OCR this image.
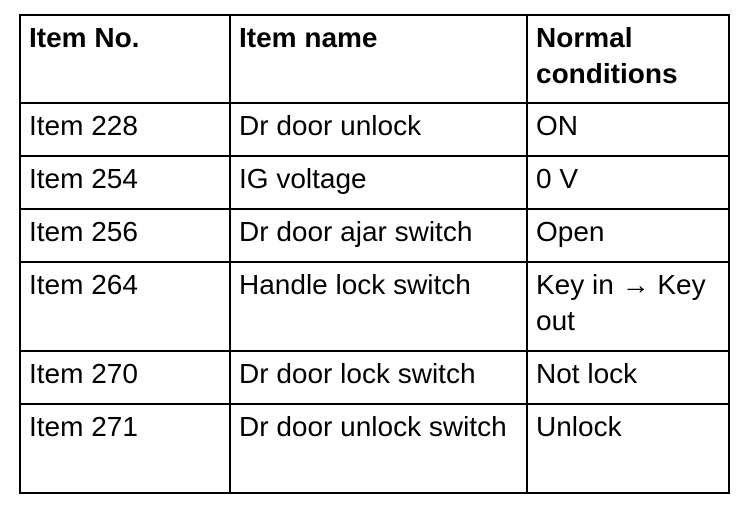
Item No.	Item name	Normal conditions
Item 228	Dr door unlock	ON
Item 254	IG voltage	0 V
Item 256	Dr door ajar switch	Open
Item 264	Handle lock switch	Key in → Key out
Item 270	Dr door lock switch	Not lock
Item 271	Dr door unlock switch	Unlock
